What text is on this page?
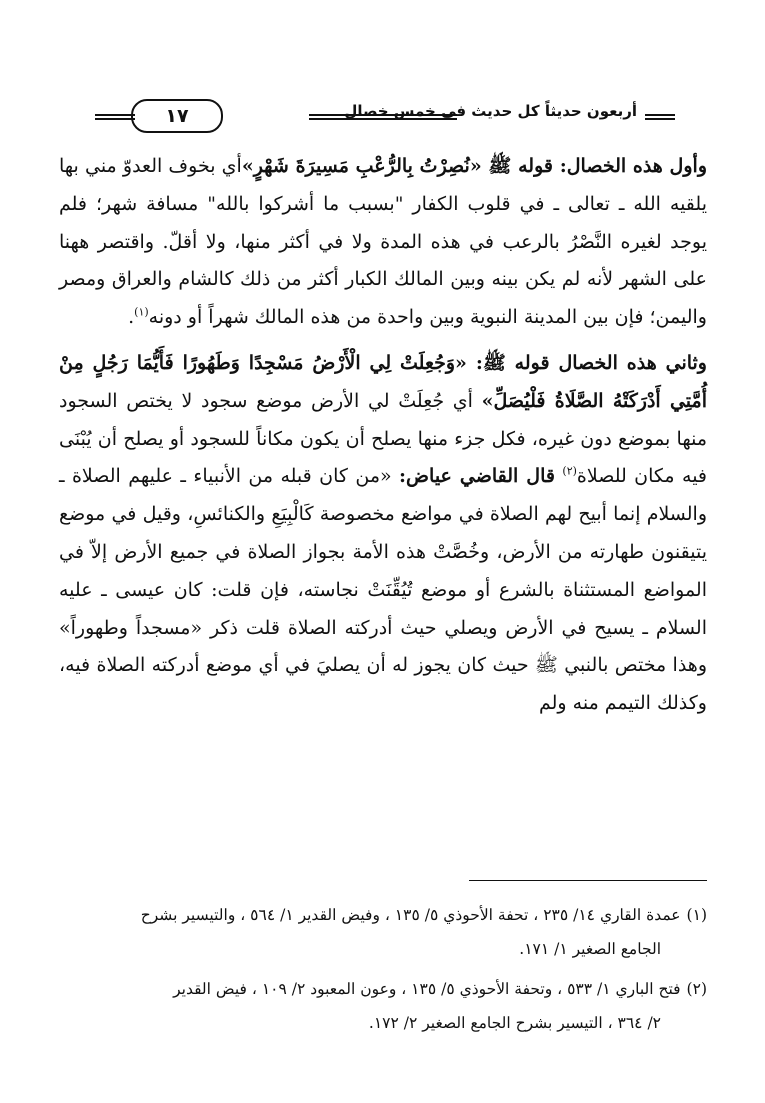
أربعون حديثاً كل حديث في خمس خصال
١٧

وأول هذه الخصال: قوله ﷺ «نُصِرْتُ بِالرُّعْبِ مَسِيرَةَ شَهْرٍ»أي بخوف العدوّ مني بها يلقيه الله ـ تعالى ـ في قلوب الكفار "بسبب ما أشركوا بالله" مسافة شهر؛ فلم يوجد لغيره النَّصْرُ بالرعب في هذه المدة ولا في أكثر منها، ولا أقلّ. واقتصر ههنا على الشهر لأنه لم يكن بينه وبين المالك الكبار أكثر من ذلك كالشام والعراق ومصر واليمن؛ فإن بين المدينة النبوية وبين واحدة من هذه المالك شهراً أو دونه$^{(١)}$.

وثاني هذه الخصال قوله ﷺ: «وَجُعِلَتْ لِي الْأَرْضُ مَسْجِدًا وَطَهُورًا فَأَيُّمَا رَجُلٍ مِنْ أُمَّتِي أَدْرَكَتْهُ الصَّلَاةُ فَلْيُصَلِّ» أي جُعِلَتْ لي الأرض موضع سجود لا يختص السجود منها بموضع دون غيره، فكل جزء منها يصلح أن يكون مكاناً للسجود أو يصلح أن يُبْنَى فيه مكان للصلاة$^{(٢)}$ قال القاضي عياض: «من كان قبله من الأنبياء ـ عليهم الصلاة ـ والسلام إنما أبيح لهم الصلاة في مواضع مخصوصة كَالْبِيَعِ والكنائسِ، وقيل في موضع يتيقنون طهارته من الأرض، وخُصَّتْ هذه الأمة بجواز الصلاة في جميع الأرض إلاّ في المواضع المستثناة بالشرع أو موضع تُيُقِّنَتْ نجاسته، فإن قلت: كان عيسى ـ عليه السلام ـ يسيح في الأرض ويصلي حيث أدركته الصلاة قلت ذكر «مسجداً وطهوراً» وهذا مختص بالنبي ﷺ حيث كان يجوز له أن يصليَ في أي موضع أدركته الصلاة فيه، وكذلك التيمم منه ولم

(١)عمدة القاري ١٤/ ٢٣٥ ، تحفة الأحوذي ٥/ ١٣٥ ، وفيض القدير ١/ ٥٦٤ ، والتيسير بشرح
الجامع الصغير ١/ ١٧١.
(٢)فتح الباري ١/ ٥٣٣ ، وتحفة الأحوذي ٥/ ١٣٥ ، وعون المعبود ٢/ ١٠٩ ، فيض القدير
٢/ ٣٦٤ ، التيسير بشرح الجامع الصغير ٢/ ١٧٢.
